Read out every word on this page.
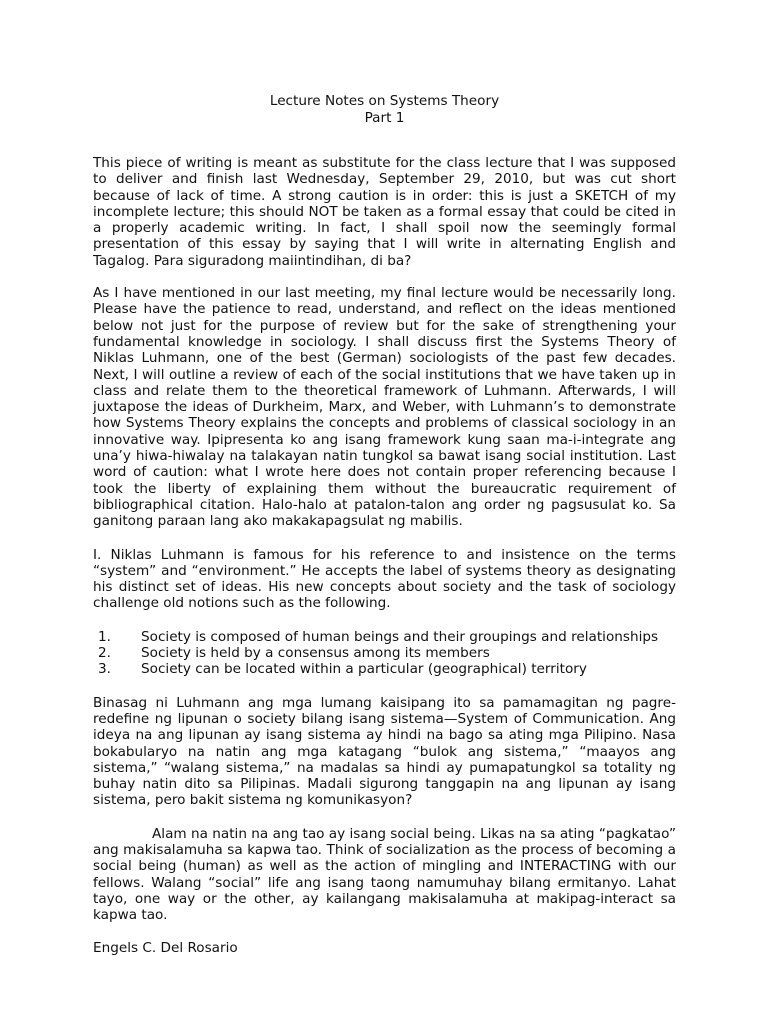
Lecture Notes on Systems Theory

Part 1

This piece of writing is meant as substitute for the class lecture that I was supposed to deliver and finish last Wednesday, September 29, 2010, but was cut short because of lack of time. A strong caution is in order: this is just a SKETCH of my incomplete lecture; this should NOT be taken as a formal essay that could be cited in a properly academic writing. In fact, I shall spoil now the seemingly formal presentation of this essay by saying that I will write in alternating English and Tagalog. Para siguradong maiintindihan, di ba?

As I have mentioned in our last meeting, my final lecture would be necessarily long. Please have the patience to read, understand, and reflect on the ideas mentioned below not just for the purpose of review but for the sake of strengthening your fundamental knowledge in sociology. I shall discuss first the Systems Theory of Niklas Luhmann, one of the best (German) sociologists of the past few decades. Next, I will outline a review of each of the social institutions that we have taken up in class and relate them to the theoretical framework of Luhmann. Afterwards, I will juxtapose the ideas of Durkheim, Marx, and Weber, with Luhmann’s to demonstrate how Systems Theory explains the concepts and problems of classical sociology in an innovative way. Ipipresenta ko ang isang framework kung saan ma-i-integrate ang una’y hiwa-hiwalay na talakayan natin tungkol sa bawat isang social institution. Last word of caution: what I wrote here does not contain proper referencing because I took the liberty of explaining them without the bureaucratic requirement of bibliographical citation. Halo-halo at patalon-talon ang order ng pagsusulat ko. Sa ganitong paraan lang ako makakapagsulat ng mabilis.

I. Niklas Luhmann is famous for his reference to and insistence on the terms “system” and “environment.” He accepts the label of systems theory as designating his distinct set of ideas. His new concepts about society and the task of sociology challenge old notions such as the following.

1. Society is composed of human beings and their groupings and relationships
2. Society is held by a consensus among its members
3. Society can be located within a particular (geographical) territory

Binasag ni Luhmann ang mga lumang kaisipang ito sa pamamagitan ng pagre-redefine ng lipunan o society bilang isang sistema—System of Communication. Ang ideya na ang lipunan ay isang sistema ay hindi na bago sa ating mga Pilipino. Nasa bokabularyo na natin ang mga katagang “bulok ang sistema,” “maayos ang sistema,” “walang sistema,” na madalas sa hindi ay pumapatungkol sa totality ng buhay natin dito sa Pilipinas. Madali sigurong tanggapin na ang lipunan ay isang sistema, pero bakit sistema ng komunikasyon?

Alam na natin na ang tao ay isang social being. Likas na sa ating “pagkatao” ang makisalamuha sa kapwa tao. Think of socialization as the process of becoming a social being (human) as well as the action of mingling and INTERACTING with our fellows. Walang “social” life ang isang taong namumuhay bilang ermitanyo. Lahat tayo, one way or the other, ay kailangang makisalamuha at makipag-interact sa kapwa tao.

Engels C. Del Rosario
